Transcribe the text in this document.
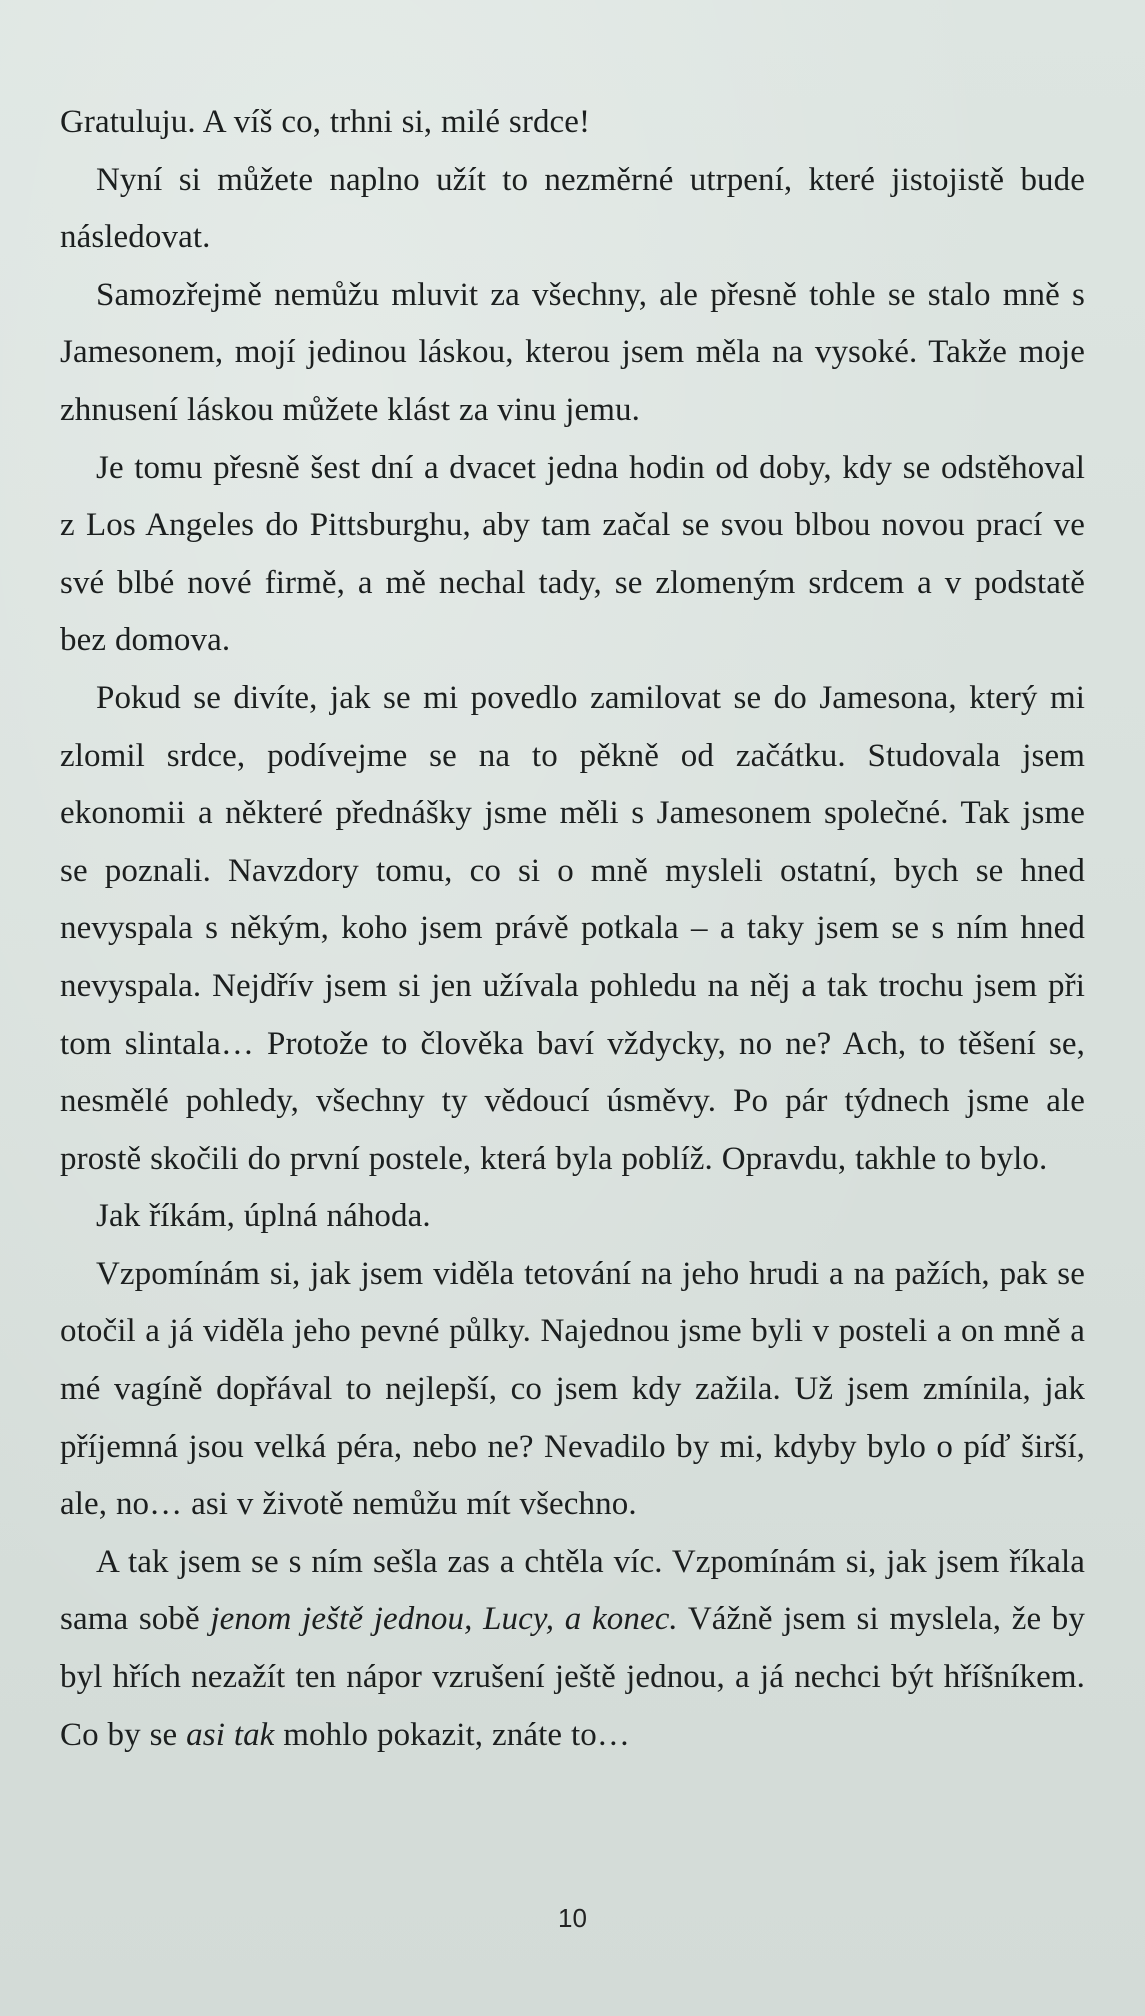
Gratuluju. A víš co, trhni si, milé srdce!

Nyní si můžete naplno užít to nezměrné utrpení, které jistojistě bude následovat.

Samozřejmě nemůžu mluvit za všechny, ale přesně tohle se stalo mně s Jamesonem, mojí jedinou láskou, kterou jsem měla na vysoké. Takže moje zhnusení láskou můžete klást za vinu jemu.

Je tomu přesně šest dní a dvacet jedna hodin od doby, kdy se odstěhoval z Los Angeles do Pittsburghu, aby tam začal se svou blbou novou prací ve své blbé nové firmě, a mě nechal tady, se zlomeným srdcem a v podstatě bez domova.

Pokud se divíte, jak se mi povedlo zamilovat se do Jamesona, který mi zlomil srdce, podívejme se na to pěkně od začátku. Studovala jsem ekonomii a některé přednášky jsme měli s Jamesonem společné. Tak jsme se poznali. Navzdory tomu, co si o mně mysleli ostatní, bych se hned nevyspala s někým, koho jsem právě potkala – a taky jsem se s ním hned nevyspala. Nejdřív jsem si jen užívala pohledu na něj a tak trochu jsem při tom slintala… Protože to člověka baví vždycky, no ne? Ach, to těšení se, nesmělé pohledy, všechny ty vědoucí úsměvy. Po pár týdnech jsme ale prostě skočili do první postele, která byla poblíž. Opravdu, takhle to bylo.

Jak říkám, úplná náhoda.

Vzpomínám si, jak jsem viděla tetování na jeho hrudi a na pažích, pak se otočil a já viděla jeho pevné půlky. Najednou jsme byli v posteli a on mně a mé vagíně dopřával to nejlepší, co jsem kdy zažila. Už jsem zmínila, jak příjemná jsou velká péra, nebo ne? Nevadilo by mi, kdyby bylo o píď širší, ale, no… asi v životě nemůžu mít všechno.

A tak jsem se s ním sešla zas a chtěla víc. Vzpomínám si, jak jsem říkala sama sobě jenom ještě jednou, Lucy, a konec. Vážně jsem si myslela, že by byl hřích nezažít ten nápor vzrušení ještě jednou, a já nechci být hříšníkem. Co by se asi tak mohlo pokazit, znáte to…

10
